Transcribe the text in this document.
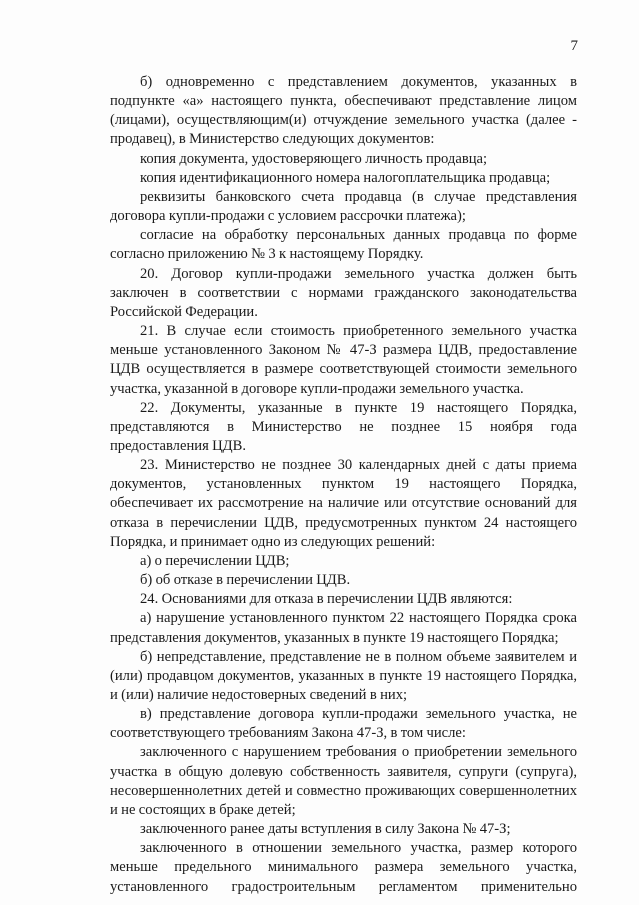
7

б) одновременно с представлением документов, указанных в подпункте «а» настоящего пункта, обеспечивают представление лицом (лицами), осуществляющим(и) отчуждение земельного участка (далее - продавец), в Министерство следующих документов:

копия документа, удостоверяющего личность продавца;

копия идентификационного номера налогоплательщика продавца;

реквизиты банковского счета продавца (в случае представления договора купли-продажи с условием рассрочки платежа);

согласие на обработку персональных данных продавца по форме согласно приложению № 3 к настоящему Порядку.

20. Договор купли-продажи земельного участка должен быть заключен в соответствии с нормами гражданского законодательства Российской Федерации.

21. В случае если стоимость приобретенного земельного участка меньше установленного Законом № 47-З размера ЦДВ, предоставление ЦДВ осуществляется в размере соответствующей стоимости земельного участка, указанной в договоре купли-продажи земельного участка.

22. Документы, указанные в пункте 19 настоящего Порядка, представляются в Министерство не позднее 15 ноября года предоставления ЦДВ.

23. Министерство не позднее 30 календарных дней с даты приема документов, установленных пунктом 19 настоящего Порядка, обеспечивает их рассмотрение на наличие или отсутствие оснований для отказа в перечислении ЦДВ, предусмотренных пунктом 24 настоящего Порядка, и принимает одно из следующих решений:

а) о перечислении ЦДВ;

б) об отказе в перечислении ЦДВ.

24. Основаниями для отказа в перечислении ЦДВ являются:

а) нарушение установленного пунктом 22 настоящего Порядка срока представления документов, указанных в пункте 19 настоящего Порядка;

б) непредставление, представление не в полном объеме заявителем и (или) продавцом документов, указанных в пункте 19 настоящего Порядка, и (или) наличие недостоверных сведений в них;

в) представление договора купли-продажи земельного участка, не соответствующего требованиям Закона 47-З, в том числе:

заключенного с нарушением требования о приобретении земельного участка в общую долевую собственность заявителя, супруги (супруга), несовершеннолетних детей и совместно проживающих совершеннолетних и не состоящих в браке детей;

заключенного ранее даты вступления в силу Закона № 47-З;

заключенного в отношении земельного участка, размер которого меньше предельного минимального размера земельного участка, установленного градостроительным регламентом применительно
